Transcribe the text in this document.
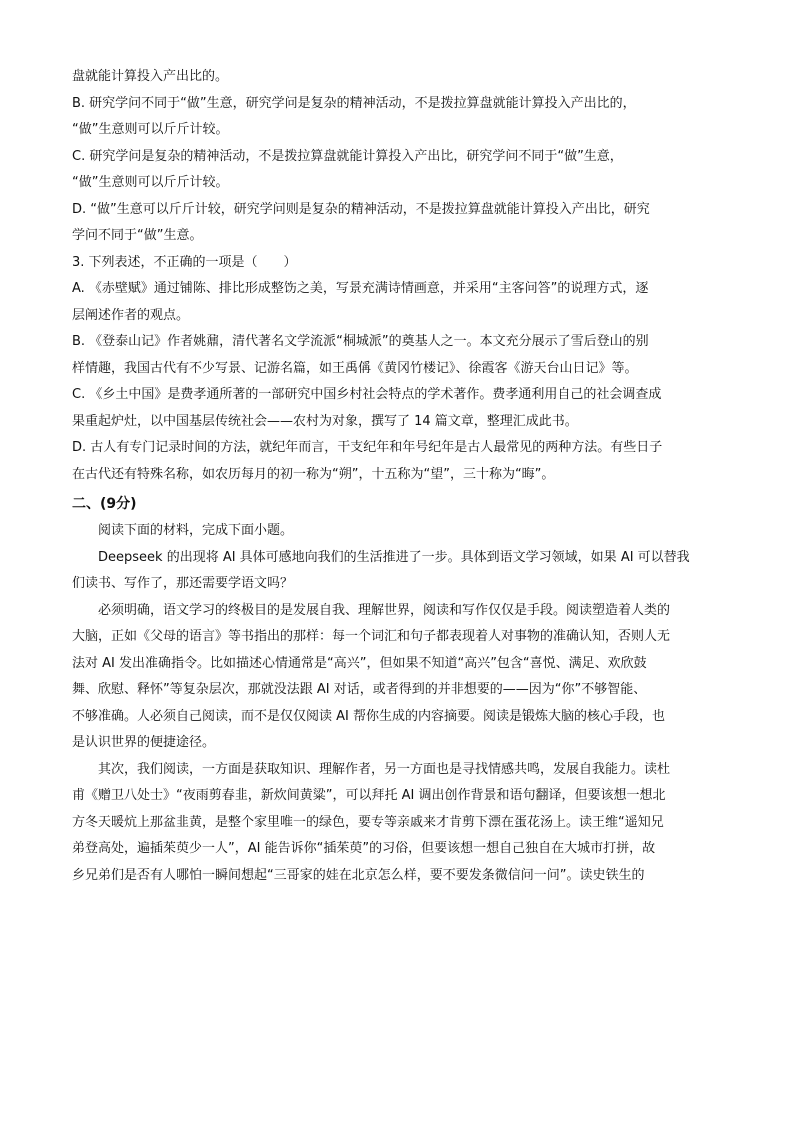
盘就能计算投入产出比的。
B. 研究学问不同于“做”生意，研究学问是复杂的精神活动，不是拨拉算盘就能计算投入产出比的，
“做”生意则可以斤斤计较。
C. 研究学问是复杂的精神活动，不是拨拉算盘就能计算投入产出比，研究学问不同于“做”生意，
“做”生意则可以斤斤计较。
D. “做”生意可以斤斤计较，研究学问则是复杂的精神活动，不是拨拉算盘就能计算投入产出比，研究
学问不同于“做”生意。
3. 下列表述，不正确的一项是（　　）
A. 《赤壁赋》通过铺陈、排比形成整饬之美，写景充满诗情画意，并采用“主客问答”的说理方式，逐
层阐述作者的观点。
B. 《登泰山记》作者姚鼐，清代著名文学流派“桐城派”的奠基人之一。本文充分展示了雪后登山的别
样情趣，我国古代有不少写景、记游名篇，如王禹偁《黄冈竹楼记》、徐霞客《游天台山日记》等。
C. 《乡土中国》是费孝通所著的一部研究中国乡村社会特点的学术著作。费孝通利用自己的社会调查成
果重起炉灶，以中国基层传统社会——农村为对象，撰写了 14 篇文章，整理汇成此书。
D. 古人有专门记录时间的方法，就纪年而言，干支纪年和年号纪年是古人最常见的两种方法。有些日子
在古代还有特殊名称，如农历每月的初一称为“朔”，十五称为“望”，三十称为“晦”。
二、(9分)
阅读下面的材料，完成下面小题。
Deepseek 的出现将 AI 具体可感地向我们的生活推进了一步。具体到语文学习领域，如果 AI 可以替我
们读书、写作了，那还需要学语文吗？
必须明确，语文学习的终极目的是发展自我、理解世界，阅读和写作仅仅是手段。阅读塑造着人类的
大脑，正如《父母的语言》等书指出的那样：每一个词汇和句子都表现着人对事物的准确认知，否则人无
法对 AI 发出准确指令。比如描述心情通常是“高兴”，但如果不知道“高兴”包含“喜悦、满足、欢欣鼓
舞、欣慰、释怀”等复杂层次，那就没法跟 AI 对话，或者得到的并非想要的——因为“你”不够智能、
不够准确。人必须自己阅读，而不是仅仅阅读 AI 帮你生成的内容摘要。阅读是锻炼大脑的核心手段，也
是认识世界的便捷途径。
其次，我们阅读，一方面是获取知识、理解作者，另一方面也是寻找情感共鸣，发展自我能力。读杜
甫《赠卫八处士》“夜雨剪春韭，新炊间黄粱”，可以拜托 AI 调出创作背景和语句翻译，但要该想一想北
方冬天暖炕上那盆韭黄，是整个家里唯一的绿色，要专等亲戚来才肯剪下漂在蛋花汤上。读王维“遥知兄
弟登高处，遍插茱萸少一人”，AI 能告诉你“插茱萸”的习俗，但要该想一想自己独自在大城市打拼，故
乡兄弟们是否有人哪怕一瞬间想起“三哥家的娃在北京怎么样，要不要发条微信问一问”。读史铁生的
